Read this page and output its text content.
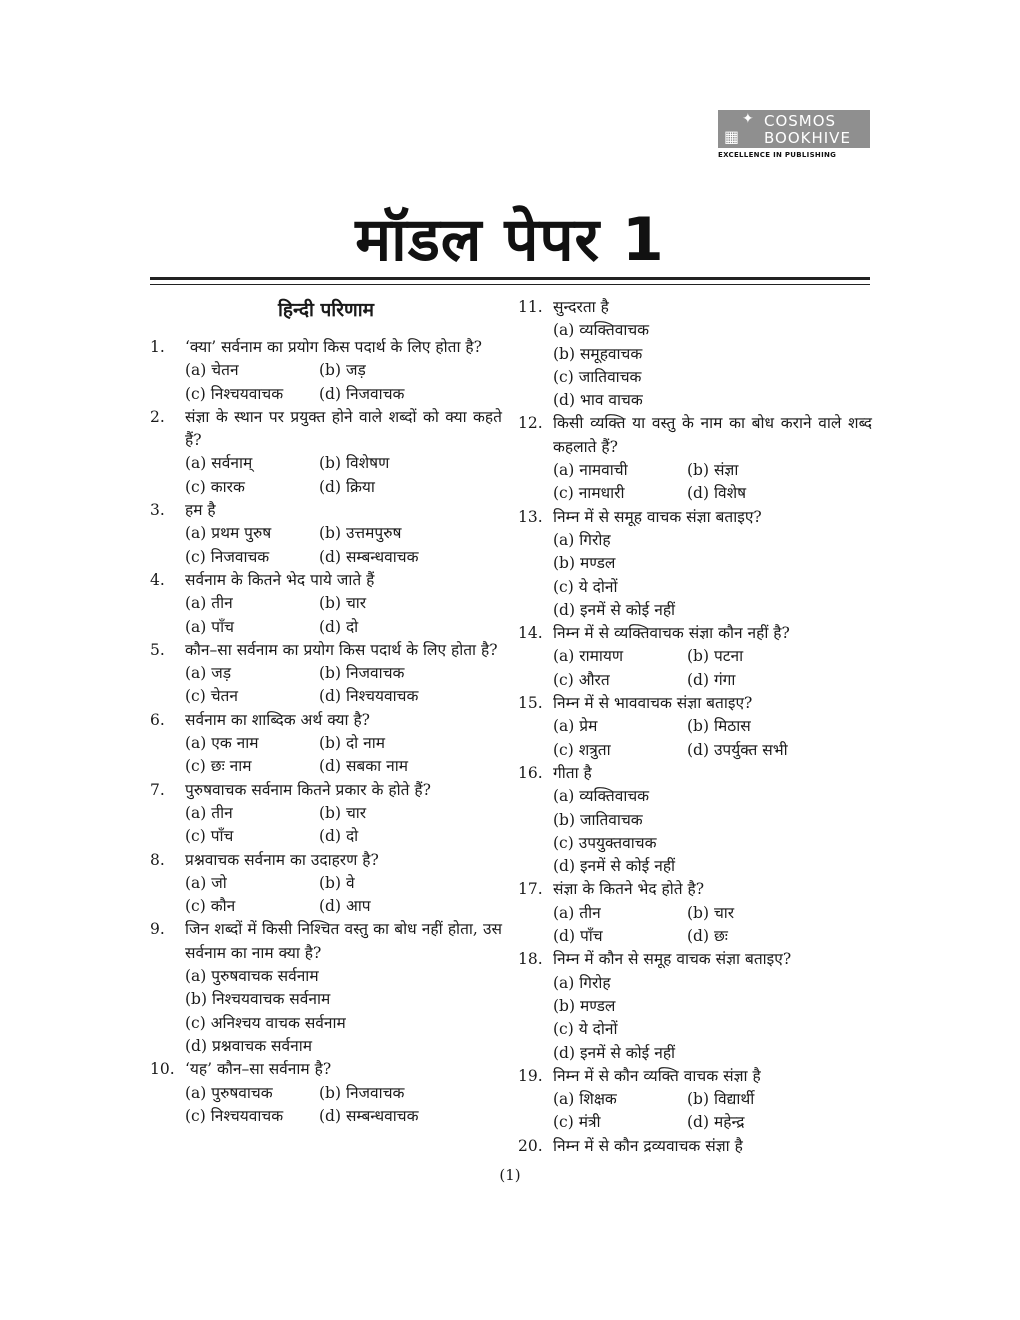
✦
▦
COSMOS
BOOKHIVE
EXCELLENCE IN PUBLISHING
मॉडल पेपर 1
हिन्दी परिणाम
1.	‘क्या’ सर्वनाम का प्रयोग किस पदार्थ के लिए होता है?
(a) चेतन	(b) जड़
(c) निश्चयवाचक	(d) निजवाचक
2.	संज्ञा के स्थान पर प्रयुक्त होने वाले शब्दों को क्या कहते हैं?
(a) सर्वनाम्	(b) विशेषण
(c) कारक	(d) क्रिया
3.	हम है
(a) प्रथम पुरुष	(b) उत्तमपुरुष
(c) निजवाचक	(d) सम्बन्धवाचक
4.	सर्वनाम के कितने भेद पाये जाते हैं
(a) तीन	(b) चार
(a) पाँच	(d) दो
5.	कौन–सा सर्वनाम का प्रयोग किस पदार्थ के लिए होता है?
(a) जड़	(b) निजवाचक
(c) चेतन	(d) निश्चयवाचक
6.	सर्वनाम का शाब्दिक अर्थ क्या है?
(a) एक नाम	(b) दो नाम
(c) छः नाम	(d) सबका नाम
7.	पुरुषवाचक सर्वनाम कितने प्रकार के होते हैं?
(a) तीन	(b) चार
(c) पाँच	(d) दो
8.	प्रश्नवाचक सर्वनाम का उदाहरण है?
(a) जो	(b) वे
(c) कौन	(d) आप
9.	जिन शब्दों में किसी निश्चित वस्तु का बोध नहीं होता, उस सर्वनाम का नाम क्या है?
(a) पुरुषवाचक सर्वनाम
(b) निश्चयवाचक सर्वनाम
(c) अनिश्चय वाचक सर्वनाम
(d) प्रश्नवाचक सर्वनाम
10. ‘यह’ कौन–सा सर्वनाम है?
(a) पुरुषवाचक	(b) निजवाचक
(c) निश्चयवाचक	(d) सम्बन्धवाचक
11. सुन्दरता है
(a) व्यक्तिवाचक
(b) समूहवाचक
(c) जातिवाचक
(d) भाव वाचक
12. किसी व्यक्ति या वस्तु के नाम का बोध कराने वाले शब्द कहलाते हैं?
(a) नामवाची	(b) संज्ञा
(c) नामधारी	(d) विशेष
13. निम्न में से समूह वाचक संज्ञा बताइए?
(a) गिरोह
(b) मण्डल
(c) ये दोनों
(d) इनमें से कोई नहीं
14. निम्न में से व्यक्तिवाचक संज्ञा कौन नहीं है?
(a) रामायण	(b) पटना
(c) औरत	(d) गंगा
15. निम्न में से भाववाचक संज्ञा बताइए?
(a) प्रेम	(b) मिठास
(c) शत्रुता	(d) उपर्युक्त सभी
16. गीता है
(a) व्यक्तिवाचक
(b) जातिवाचक
(c) उपयुक्तवाचक
(d) इनमें से कोई नहीं
17. संज्ञा के कितने भेद होते है?
(a) तीन	(b) चार
(d) पाँच	(d) छः
18. निम्न में कौन से समूह वाचक संज्ञा बताइए?
(a) गिरोह
(b) मण्डल
(c) ये दोनों
(d) इनमें से कोई नहीं
19. निम्न में से कौन व्यक्ति वाचक संज्ञा है
(a) शिक्षक	(b) विद्यार्थी
(c) मंत्री	(d) महेन्द्र
20. निम्न में से कौन द्रव्यवाचक संज्ञा है
(1)
